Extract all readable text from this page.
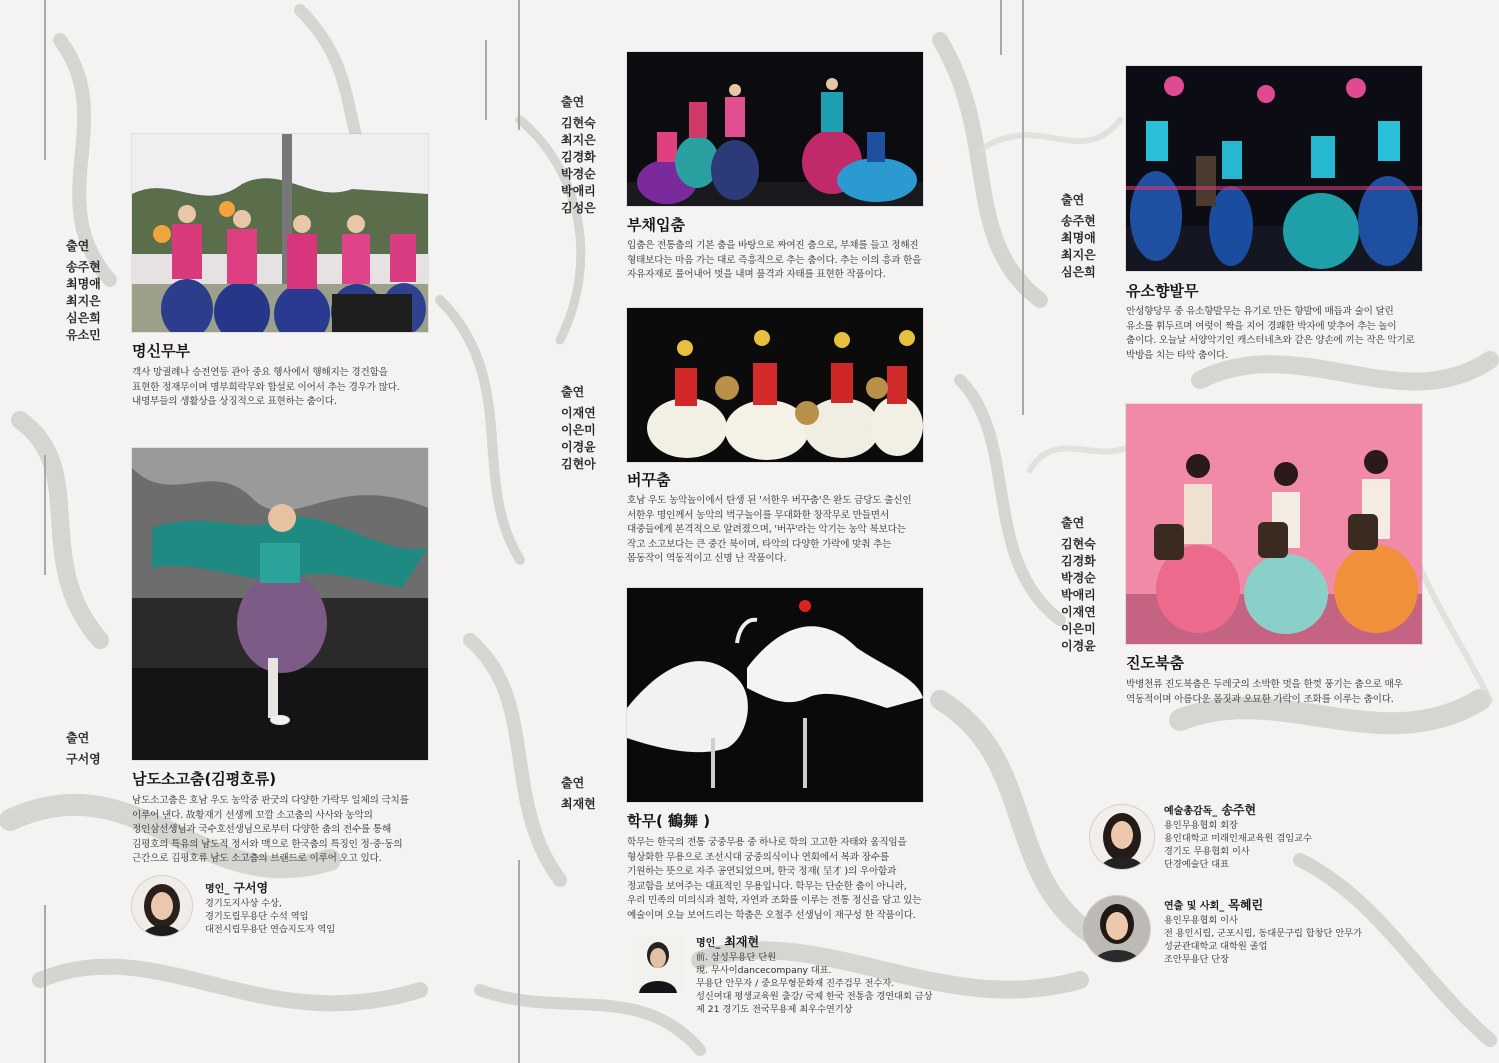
출연
송주현
최명애
최지은
심은희
유소민
명신무부
객사 망궐례나 승전연등 관아 중요 행사에서 행해지는 경건함을
표현한 정재무이며 명부희락무와 합설로 이어서 추는 경우가 많다.
내명부들의 생활상을 상징적으로 표현하는 춤이다.
출연
구서영
남도소고춤(김평호류)
남도소고춤은 호남 우도 농악중 판굿의 다양한 가락무 일체의 극치를
이루어 낸다. 故황재기 선생께 꼬깔 소고춤의 사사와 농악의
정인삼선생님과 국수호선생님으로부터 다양한 춤의 전수를 통해
김평호의 특유의 남도적 정서와 맥으로 한국춤의 특징인 정·중·동의
근간으로 김평호류 남도 소고춤의 브랜드로 이루어 오고 있다.
명인_ 구서영
경기도지사상 수상,
경기도립무용단 수석 역임
대전시립무용단 연습지도자 역임
출연
김현숙
최지은
김경화
박경순
박애리
김성은
부채입춤
입춤은 전통춤의 기본 춤을 바탕으로 짜여진 춤으로, 부채를 들고 정해진
형태보다는 마음 가는 대로 즉흥적으로 추는 춤이다. 추는 이의 흥과 한을
자유자재로 풀어내어 멋을 내며 품격과 자태를 표현한 작품이다.
출연
이재연
이은미
이경윤
김현아
버꾸춤
호남 우도 농악놀이에서 탄생 된 '서한우 버꾸춤'은 완도 금당도 출신인
서한우 명인께서 농악의 벅구놀이를 무대화한 창작무로 만들면서
대중들에게 본격적으로 알려졌으며, '버꾸'라는 악기는 농악 북보다는
작고 소고보다는 큰 중간 북이며, 타악의 다양한 가락에 맞춰 추는
몸동작이 역동적이고 신명 난 작품이다.
출연
최재현
학무( 鶴舞 )
학무는 한국의 전통 궁중무용 중 하나로 학의 고고한 자태와 움직임을
형상화한 무용으로 조선시대 궁중의식이나 연회에서 복과 장수를
기원하는 뜻으로 자주 공연되었으며, 한국 정재( 呈才 )의 우아함과
정교함을 보여주는 대표적인 무용입니다. 학무는 단순한 춤이 아니라,
우리 민족의 미의식과 철학, 자연과 조화를 이루는 전통 정신을 담고 있는
예술이며 오늘 보여드리는 학춤은 오철주 선생님이 재구성 한 작품이다.
명인_ 최재현
前. 삼성무용단 단원
現. 무사이dancecompany 대표.
무용단 안무자 / 중요무형문화재 진주검무 전수자.
성신여대 평생교육원 출강/ 국제 한국 전통춤 경연대회 금상
제 21 경기도 전국무용제 최우수연기상
출연
송주현
최명애
최지은
심은희
유소향발무
안성향당무 중 유소향발무는 유기로 만든 향발에 매듭과 술이 달린
유소를 휘두르며 여럿이 짝을 지어 경쾌한 박자에 맞추어 추는 놀이
춤이다. 오늘날 서양악기인 캐스터네츠와 같은 양손에 끼는 작은 악기로
박방을 치는 타악 춤이다.
출연
김현숙
김경화
박경순
박애리
이재연
이은미
이경윤
진도북춤
박병천류 진도북춤은 두레굿의 소박한 멋을 한껏 풍기는 춤으로 매우
역동적이며 아름다운 몸짓과 오묘한 가락이 조화를 이루는 춤이다.
예술총감독_ 송주현
용인무용협회 회장
용인대학교 미래인재교육원 겸임교수
경기도 무용협회 이사
단경예술단 대표
연출 및 사회_ 목혜린
용인무용협회 이사
전 용인시립, 군포시립, 동대문구립 합창단 안무가
성균관대학교 대학원 졸업
조안무용단 단장
